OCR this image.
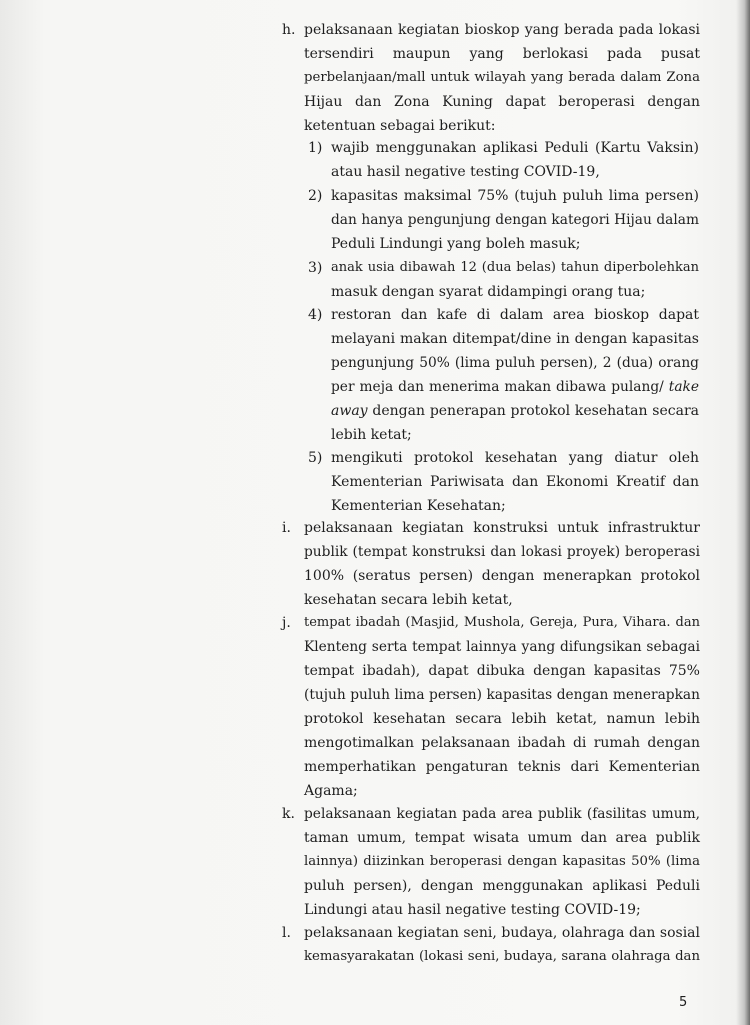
h. pelaksanaan kegiatan bioskop yang berada pada lokasi
tersendiri maupun yang berlokasi pada pusat
perbelanjaan/mall untuk wilayah yang berada dalam Zona
Hijau dan Zona Kuning dapat beroperasi dengan
ketentuan sebagai berikut:
1) wajib menggunakan aplikasi Peduli (Kartu Vaksin)
atau hasil negative testing COVID-19,
2) kapasitas maksimal 75% (tujuh puluh lima persen)
dan hanya pengunjung dengan kategori Hijau dalam
Peduli Lindungi yang boleh masuk;
3) anak usia dibawah 12 (dua belas) tahun diperbolehkan
masuk dengan syarat didampingi orang tua;
4) restoran dan kafe di dalam area bioskop dapat
melayani makan ditempat/dine in dengan kapasitas
pengunjung 50% (lima puluh persen), 2 (dua) orang
per meja dan menerima makan dibawa pulang/ take
away dengan penerapan protokol kesehatan secara
lebih ketat;
5) mengikuti protokol kesehatan yang diatur oleh
Kementerian Pariwisata dan Ekonomi Kreatif dan
Kementerian Kesehatan;
i. pelaksanaan kegiatan konstruksi untuk infrastruktur
publik (tempat konstruksi dan lokasi proyek) beroperasi
100% (seratus persen) dengan menerapkan protokol
kesehatan secara lebih ketat,
j. tempat ibadah (Masjid, Mushola, Gereja, Pura, Vihara. dan
Klenteng serta tempat lainnya yang difungsikan sebagai
tempat ibadah), dapat dibuka dengan kapasitas 75%
(tujuh puluh lima persen) kapasitas dengan menerapkan
protokol kesehatan secara lebih ketat, namun lebih
mengotimalkan pelaksanaan ibadah di rumah dengan
memperhatikan pengaturan teknis dari Kementerian
Agama;
k. pelaksanaan kegiatan pada area publik (fasilitas umum,
taman umum, tempat wisata umum dan area publik
lainnya) diizinkan beroperasi dengan kapasitas 50% (lima
puluh persen), dengan menggunakan aplikasi Peduli
Lindungi atau hasil negative testing COVID-19;
l. pelaksanaan kegiatan seni, budaya, olahraga dan sosial
kemasyarakatan (lokasi seni, budaya, sarana olahraga dan
5
